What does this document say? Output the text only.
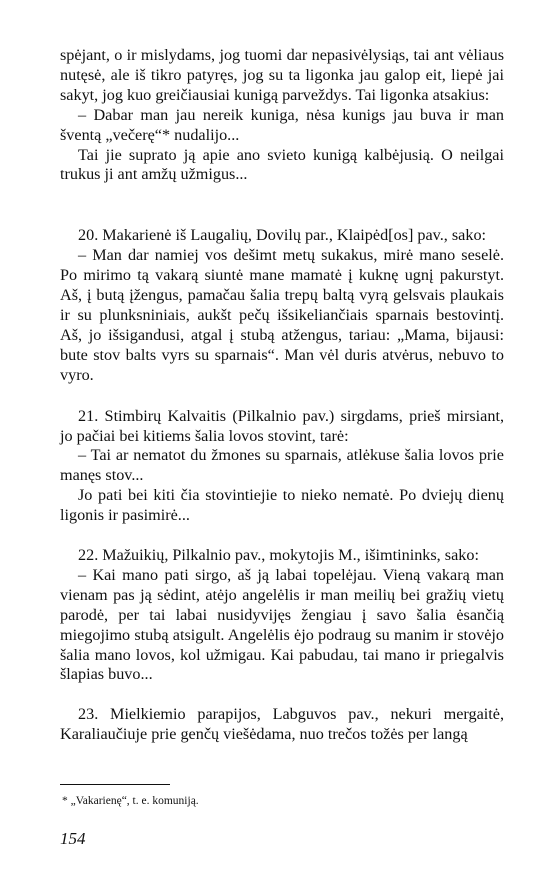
spėjant, o ir mislydams, jog tuomi dar nepasivėlysiąs, tai ant vėliaus nutęsė, ale iš tikro patyręs, jog su ta ligonka jau galop eit, liepė jai sakyt, jog kuo greičiausiai kunigą parveždys. Tai ligonka atsakius:

– Dabar man jau nereik kuniga, nėsa kunigs jau buva ir man šventą „večerę“* nudalijo...

Tai jie suprato ją apie ano svieto kunigą kalbėjusią. O neilgai trukus ji ant amžų užmigus...

20. Makarienė iš Laugalių, Dovilų par., Klaipėd[os] pav., sako:

– Man dar namiej vos dešimt metų sukakus, mirė mano seselė. Po mirimo tą vakarą siuntė mane mamatė į kuknę ugnį pakurstyt. Aš, į butą įžengus, pamačau šalia trepų baltą vyrą gelsvais plaukais ir su plunksniniais, aukšt pečų išsikeliančiais sparnais bestovintį. Aš, jo išsigandusi, atgal į stubą atžengus, tariau: „Mama, bijausi: bute stov balts vyrs su sparnais“. Man vėl duris atvėrus, nebuvo to vyro.

21. Stimbirų Kalvaitis (Pilkalnio pav.) sirgdams, prieš mirsiant, jo pačiai bei kitiems šalia lovos stovint, tarė:

– Tai ar nematot du žmones su sparnais, atlėkuse šalia lovos prie manęs stov...

Jo pati bei kiti čia stovintiejie to nieko nematė. Po dviejų dienų ligonis ir pasimirė...

22. Mažuikių, Pilkalnio pav., mokytojis M., išimtininks, sako:

– Kai mano pati sirgo, aš ją labai topelėjau. Vieną vakarą man vienam pas ją sėdint, atėjo angelėlis ir man meilių bei gražių vietų parodė, per tai labai nusidyvijęs žengiau į savo šalia ėsančią miegojimo stubą atsigult. Angelėlis ėjo podraug su manim ir stovėjo šalia mano lovos, kol užmigau. Kai pabudau, tai mano ir priegalvis šlapias buvo...

23. Mielkiemio parapijos, Labguvos pav., nekuri mergaitė, Karaliaučiuje prie genčų viešėdama, nuo trečos tožės per langą

* „Vakarienę“, t. e. komuniją.
154
